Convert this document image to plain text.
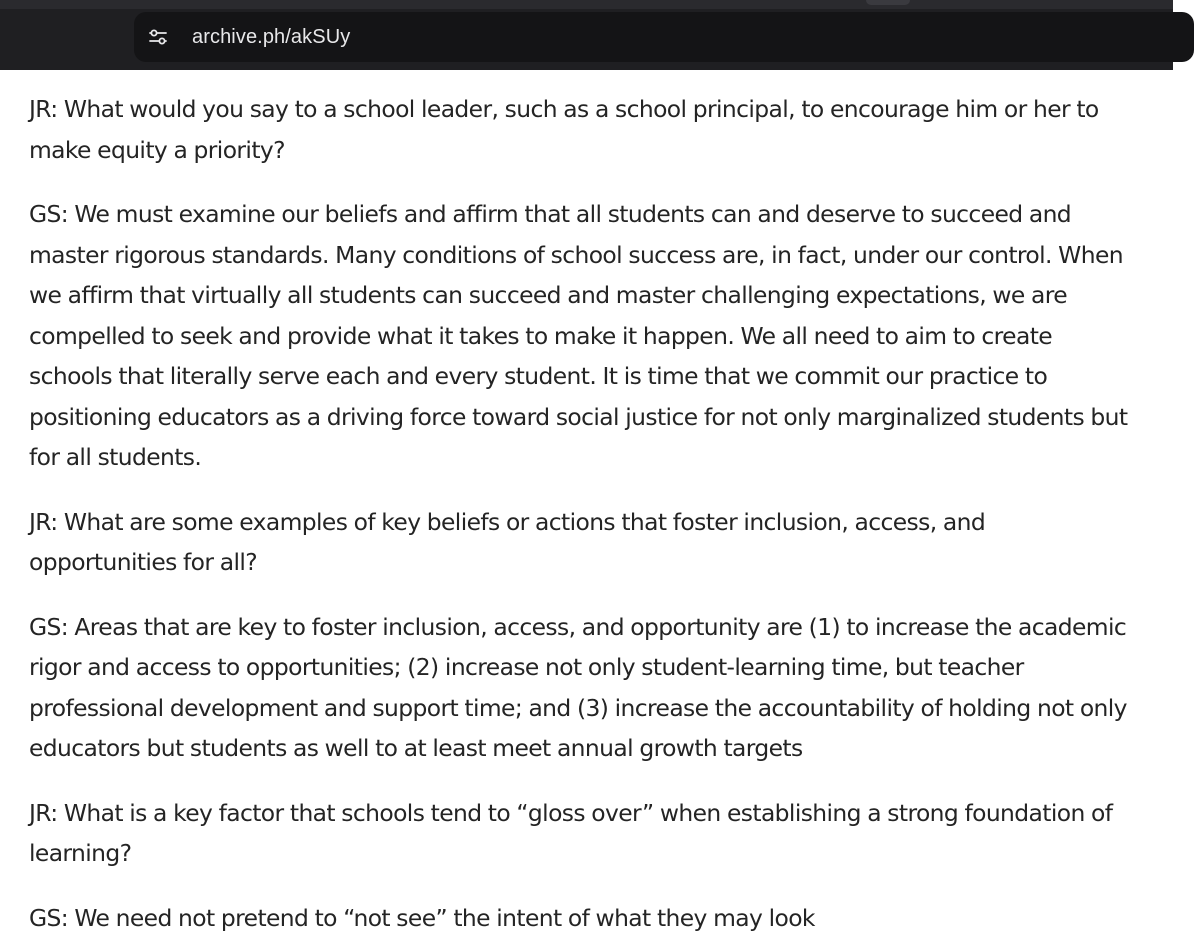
archive.ph/akSUy

JR: What would you say to a school leader, such as a school principal, to encourage him or her to make equity a priority?

GS: We must examine our beliefs and affirm that all students can and deserve to succeed and master rigorous standards. Many conditions of school success are, in fact, under our control. When we affirm that virtually all students can succeed and master challenging expectations, we are compelled to seek and provide what it takes to make it happen. We all need to aim to create schools that literally serve each and every student. It is time that we commit our practice to positioning educators as a driving force toward social justice for not only marginalized students but for all students.

JR: What are some examples of key beliefs or actions that foster inclusion, access, and opportunities for all?

GS: Areas that are key to foster inclusion, access, and opportunity are (1) to increase the academic rigor and access to opportunities; (2) increase not only student-learning time, but teacher professional development and support time; and (3) increase the accountability of holding not only educators but students as well to at least meet annual growth targets

JR: What is a key factor that schools tend to “gloss over” when establishing a strong foundation of learning?

GS: We need not pretend to “not see” the intent of what they may look
